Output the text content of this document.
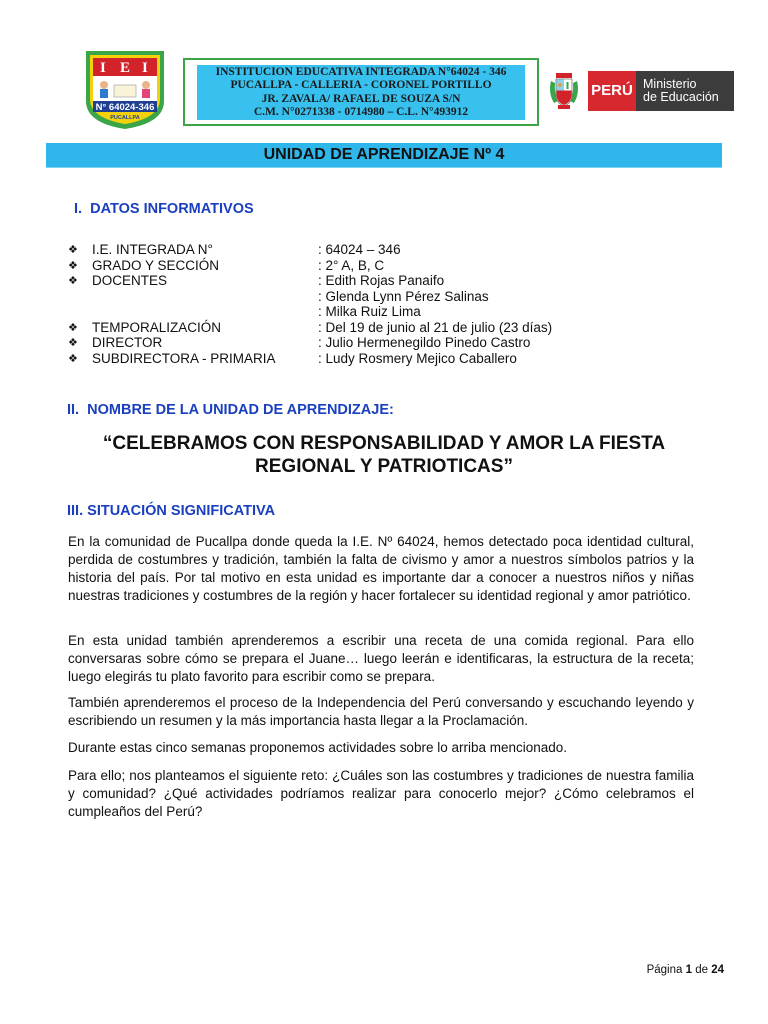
I E I
N° 64024-346
PUCALLPA
INSTITUCION EDUCATIVA INTEGRADA N°64024 - 346
PUCALLPA - CALLERIA - CORONEL PORTILLO
JR. ZAVALA/ RAFAEL DE SOUZA S/N
C.M. N°0271338 - 0714980 – C.L. N°493912
PERÚ Ministerio
de Educación
UNIDAD DE APRENDIZAJE Nº 4
I. DATOS INFORMATIVOS
❖	I.E. INTEGRADA N°	: 64024 – 346
❖	GRADO Y SECCIÓN	: 2° A, B, C
❖	DOCENTES	: Edith Rojas Panaifo
: Glenda Lynn Pérez Salinas
: Milka Ruiz Lima
❖	TEMPORALIZACIÓN	: Del 19 de junio al 21 de julio (23 días)
❖	DIRECTOR	: Julio Hermenegildo Pinedo Castro
❖	SUBDIRECTORA - PRIMARIA	: Ludy Rosmery Mejico Caballero
II. NOMBRE DE LA UNIDAD DE APRENDIZAJE:
“CELEBRAMOS CON RESPONSABILIDAD Y AMOR LA FIESTA
REGIONAL Y PATRIOTICAS”
III. SITUACIÓN SIGNIFICATIVA
En la comunidad de Pucallpa donde queda la I.E. Nº 64024, hemos detectado poca identidad cultural, perdida de costumbres y tradición, también la falta de civismo y amor a nuestros símbolos patrios y la historia del país. Por tal motivo en esta unidad es importante dar a conocer a nuestros niños y niñas nuestras tradiciones y costumbres de la región y hacer fortalecer su identidad regional y amor patriótico.
En esta unidad también aprenderemos a escribir una receta de una comida regional. Para ello conversaras sobre cómo se prepara el Juane… luego leerán e identificaras, la estructura de la receta; luego elegirás tu plato favorito para escribir como se prepara.
También aprenderemos el proceso de la Independencia del Perú conversando y escuchando leyendo y escribiendo un resumen y la más importancia hasta llegar a la Proclamación.
Durante estas cinco semanas proponemos actividades sobre lo arriba mencionado.
Para ello; nos planteamos el siguiente reto: ¿Cuáles son las costumbres y tradiciones de nuestra familia y comunidad? ¿Qué actividades podríamos realizar para conocerlo mejor? ¿Cómo celebramos el cumpleaños del Perú?
Página 1 de 24
